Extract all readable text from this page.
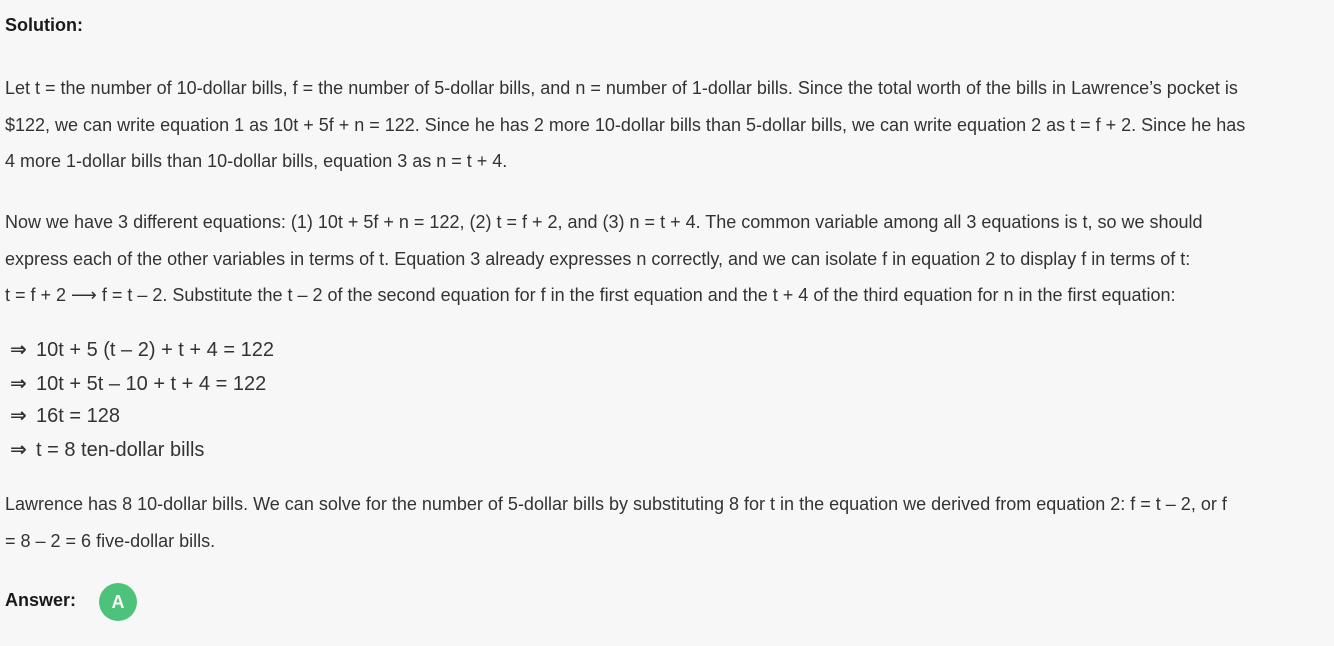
Solution:
Let t = the number of 10-dollar bills, f = the number of 5-dollar bills, and n = number of 1-dollar bills. Since the total worth of the bills in Lawrence’s pocket is
$122, we can write equation 1 as 10t + 5f + n = 122. Since he has 2 more 10-dollar bills than 5-dollar bills, we can write equation 2 as t = f + 2. Since he has
4 more 1-dollar bills than 10-dollar bills, equation 3 as n = t + 4.
Now we have 3 different equations: (1) 10t + 5f + n = 122, (2) t = f + 2, and (3) n = t + 4. The common variable among all 3 equations is t, so we should
express each of the other variables in terms of t. Equation 3 already expresses n correctly, and we can isolate f in equation 2 to display f in terms of t:
t = f + 2 ⟶ f = t – 2. Substitute the t – 2 of the second equation for f in the first equation and the t + 4 of the third equation for n in the first equation:
⇒ 10t + 5 (t – 2) + t + 4 = 122
⇒ 10t + 5t – 10 + t + 4 = 122
⇒ 16t = 128
⇒ t = 8 ten-dollar bills
Lawrence has 8 10-dollar bills. We can solve for the number of 5-dollar bills by substituting 8 for t in the equation we derived from equation 2: f = t – 2, or f
= 8 – 2 = 6 five-dollar bills.
Answer:	A
